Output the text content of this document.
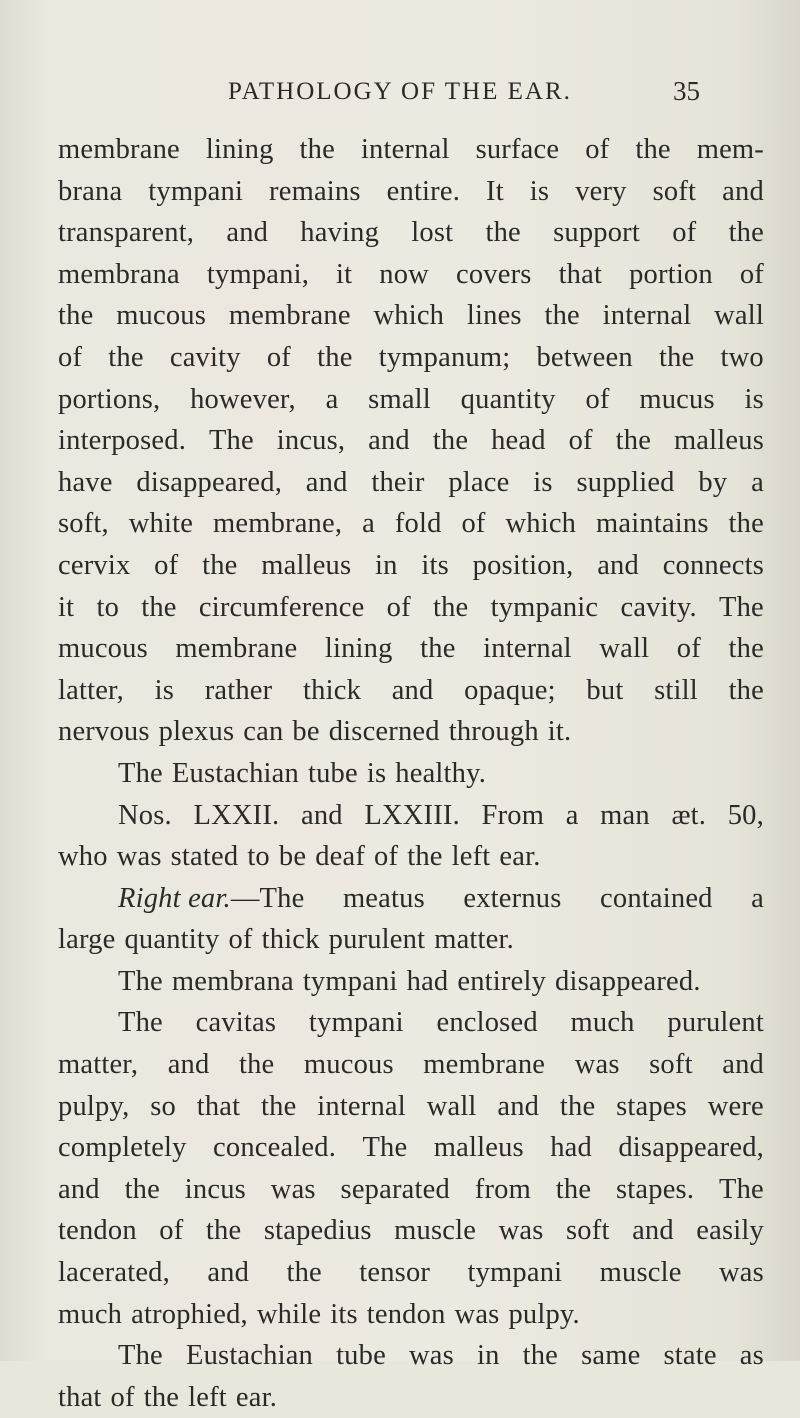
PATHOLOGY OF THE EAR.	35
membrane lining the internal surface of the mem-
brana tympani remains entire. It is very soft and
transparent, and having lost the support of the
membrana tympani, it now covers that portion of
the mucous membrane which lines the internal wall
of the cavity of the tympanum; between the two
portions, however, a small quantity of mucus is
interposed. The incus, and the head of the malleus
have disappeared, and their place is supplied by a
soft, white membrane, a fold of which maintains the
cervix of the malleus in its position, and connects
it to the circumference of the tympanic cavity. The
mucous membrane lining the internal wall of the
latter, is rather thick and opaque; but still the
nervous plexus can be discerned through it.
The Eustachian tube is healthy.
Nos. LXXII. and LXXIII. From a man æt. 50,
who was stated to be deaf of the left ear.
Right ear.—The meatus externus contained a
large quantity of thick purulent matter.
The membrana tympani had entirely disappeared.
The cavitas tympani enclosed much purulent
matter, and the mucous membrane was soft and
pulpy, so that the internal wall and the stapes were
completely concealed. The malleus had disappeared,
and the incus was separated from the stapes. The
tendon of the stapedius muscle was soft and easily
lacerated, and the tensor tympani muscle was
much atrophied, while its tendon was pulpy.
The Eustachian tube was in the same state as
that of the left ear.
